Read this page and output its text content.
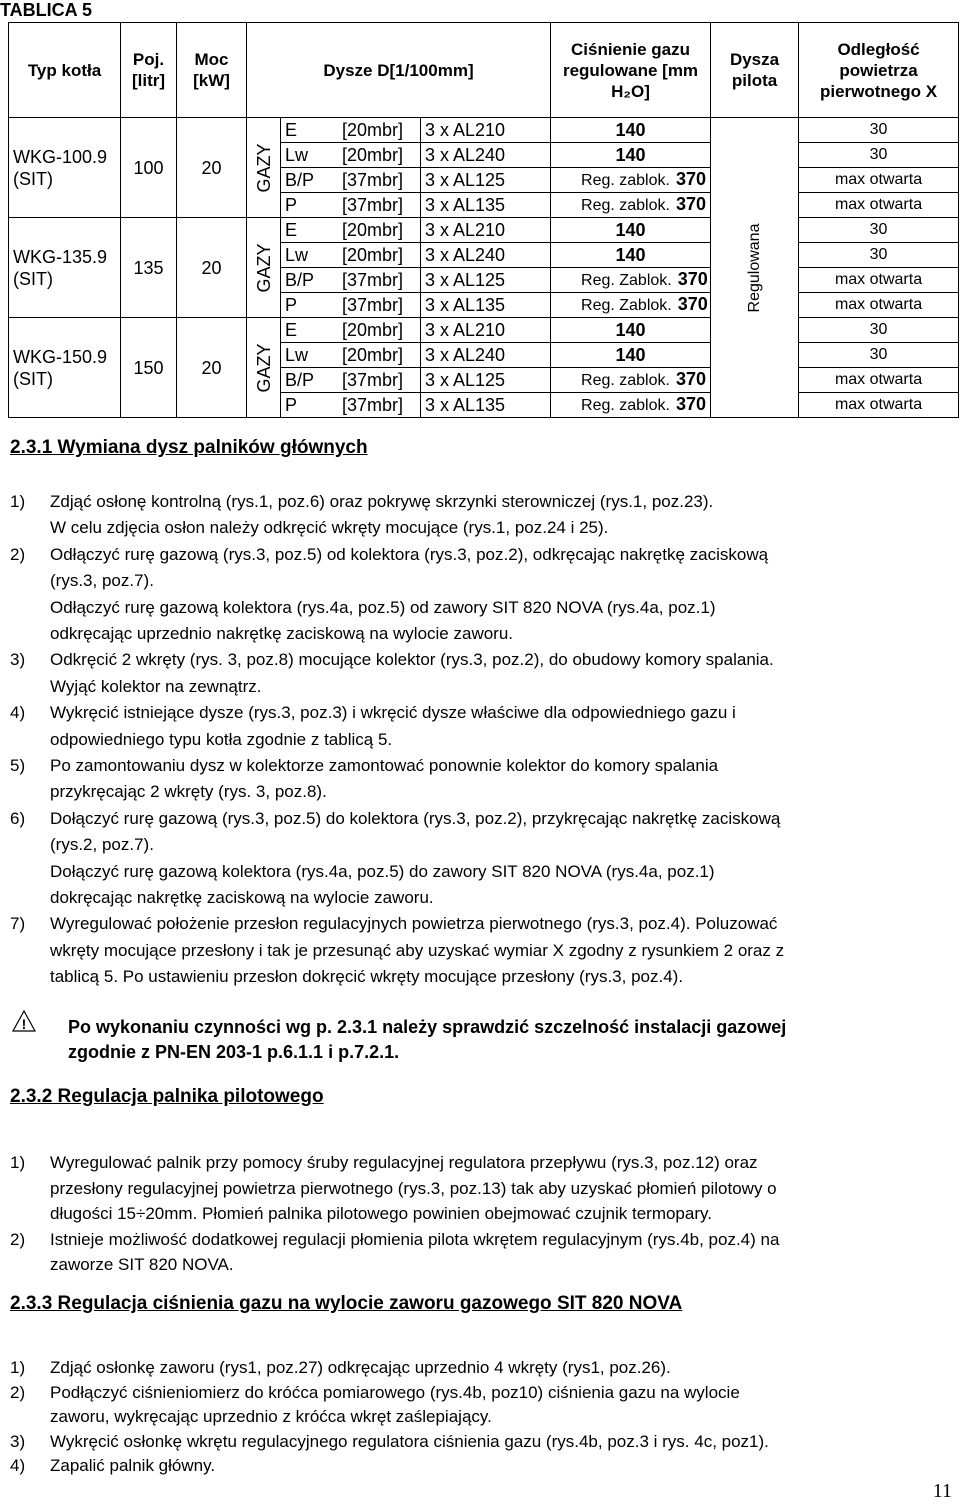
TABLICA 5
Typ kotła	Poj. [litr]	Moc [kW]	Dysze D[1/100mm]			Ciśnienie gazu regulowane [mm H₂O]	Dysza pilota	Odległość powietrza pierwotnego X
WKG-100.9 (SIT)	100	20	GAZY	E [20mbr]	3 x AL210	140	Regulowana	30

				Lw [20mbr]	3 x AL240	140		30

				B/P [37mbr]	3 x AL125	Reg. zablok. 370		max otwarta

				P [37mbr]	3 x AL135	Reg. zablok. 370		max otwarta
WKG-135.9 (SIT)	135	20	GAZY	E [20mbr]	3 x AL210	140		30

				Lw [20mbr]	3 x AL240	140		30

				B/P [37mbr]	3 x AL125	Reg. Zablok. 370		max otwarta

				P [37mbr]	3 x AL135	Reg. Zablok. 370		max otwarta
WKG-150.9 (SIT)	150	20	GAZY	E [20mbr]	3 x AL210	140		30

				Lw [20mbr]	3 x AL240	140		30

				B/P [37mbr]	3 x AL125	Reg. zablok. 370		max otwarta

				P [37mbr]	3 x AL135	Reg. zablok. 370		max otwarta
2.3.1 Wymiana dysz palników głównych
1) Zdjąć osłonę kontrolną (rys.1, poz.6) oraz pokrywę skrzynki sterowniczej (rys.1, poz.23).
W celu zdjęcia osłon należy odkręcić wkręty mocujące (rys.1, poz.24 i 25).
2) Odłączyć rurę gazową (rys.3, poz.5) od kolektora (rys.3, poz.2), odkręcając nakrętkę zaciskową
(rys.3, poz.7).
Odłączyć rurę gazową kolektora (rys.4a, poz.5) od zawory SIT 820 NOVA (rys.4a, poz.1)
odkręcając uprzednio nakrętkę zaciskową na wylocie zaworu.
3) Odkręcić 2 wkręty (rys. 3, poz.8) mocujące kolektor (rys.3, poz.2), do obudowy komory spalania.
Wyjąć kolektor na zewnątrz.
4) Wykręcić istniejące dysze (rys.3, poz.3) i wkręcić dysze właściwe dla odpowiedniego gazu i
odpowiedniego typu kotła zgodnie z tablicą 5.
5) Po zamontowaniu dysz w kolektorze zamontować ponownie kolektor do komory spalania
przykręcając 2 wkręty (rys. 3, poz.8).
6) Dołączyć rurę gazową (rys.3, poz.5) do kolektora (rys.3, poz.2), przykręcając nakrętkę zaciskową
(rys.2, poz.7).
Dołączyć rurę gazową kolektora (rys.4a, poz.5) do zawory SIT 820 NOVA (rys.4a, poz.1)
dokręcając nakrętkę zaciskową na wylocie zaworu.
7) Wyregulować położenie przesłon regulacyjnych powietrza pierwotnego (rys.3, poz.4). Poluzować
wkręty mocujące przesłony i tak je przesunąć aby uzyskać wymiar X zgodny z rysunkiem 2 oraz z
tablicą 5. Po ustawieniu przesłon dokręcić wkręty mocujące przesłony (rys.3, poz.4).
! Po wykonaniu czynności wg p. 2.3.1 należy sprawdzić szczelność instalacji gazowej
zgodnie z PN-EN 203-1 p.6.1.1 i p.7.2.1.
2.3.2 Regulacja palnika pilotowego
1) Wyregulować palnik przy pomocy śruby regulacyjnej regulatora przepływu (rys.3, poz.12) oraz
przesłony regulacyjnej powietrza pierwotnego (rys.3, poz.13) tak aby uzyskać płomień pilotowy o
długości 15÷20mm. Płomień palnika pilotowego powinien obejmować czujnik termopary.
2) Istnieje możliwość dodatkowej regulacji płomienia pilota wkrętem regulacyjnym (rys.4b, poz.4) na
zaworze SIT 820 NOVA.
2.3.3 Regulacja ciśnienia gazu na wylocie zaworu gazowego SIT 820 NOVA
1) Zdjąć osłonkę zaworu (rys1, poz.27) odkręcając uprzednio 4 wkręty (rys1, poz.26).
2) Podłączyć ciśnieniomierz do króćca pomiarowego (rys.4b, poz10) ciśnienia gazu na wylocie
zaworu, wykręcając uprzednio z króćca wkręt zaślepiający.
3) Wykręcić osłonkę wkrętu regulacyjnego regulatora ciśnienia gazu (rys.4b, poz.3 i rys. 4c, poz1).
4) Zapalić palnik główny.
11
